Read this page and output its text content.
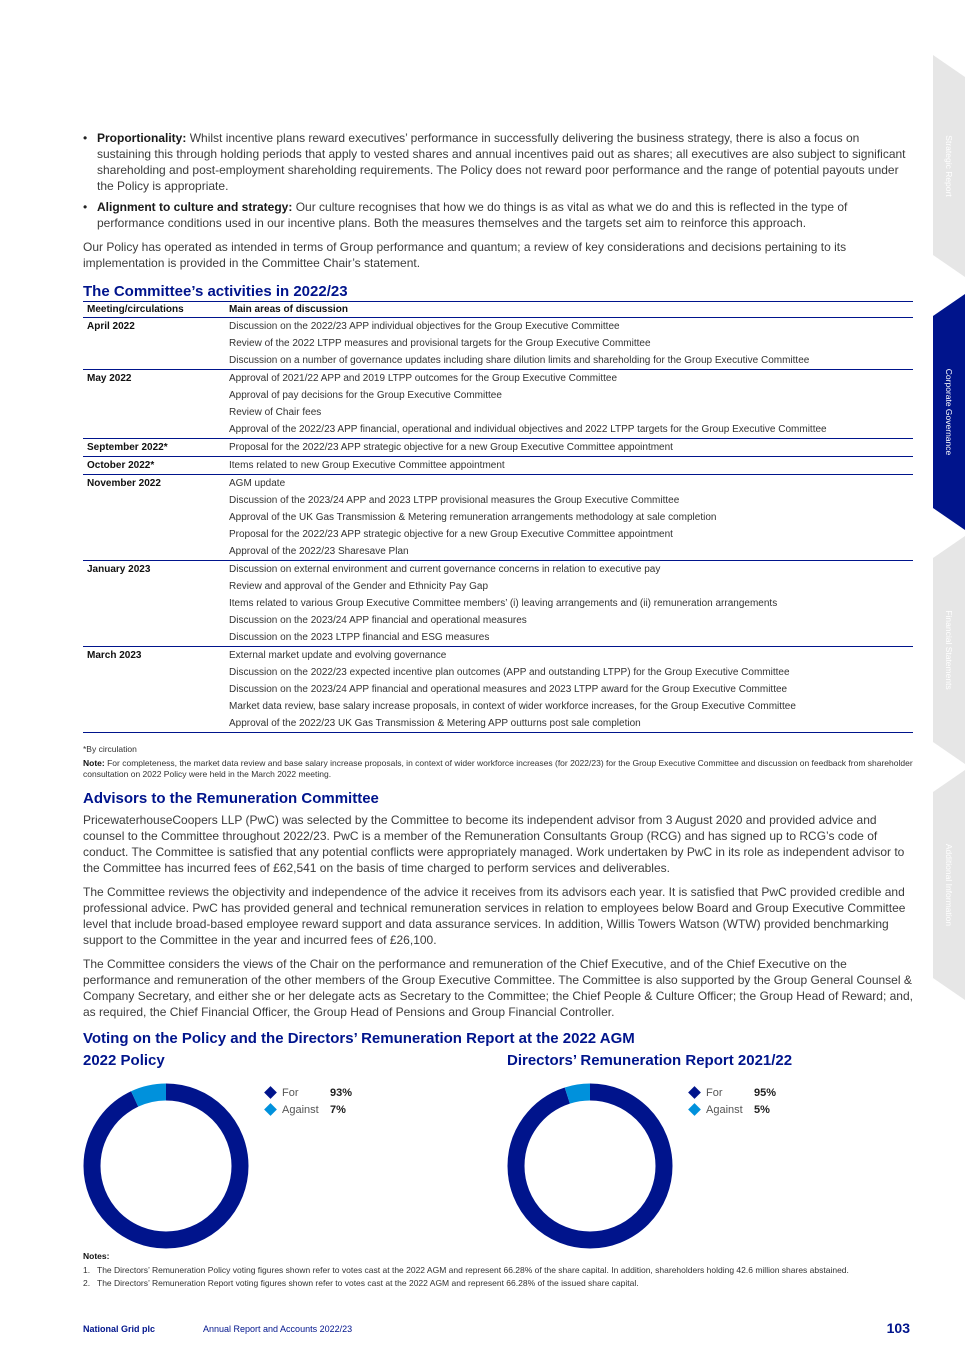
Strategic Report
Corporate Governance
Financial Statements
Additional Information
• Proportionality: Whilst incentive plans reward executives’ performance in successfully delivering the business strategy, there is also a focus on sustaining this through holding periods that apply to vested shares and annual incentives paid out as shares; all executives are also subject to significant shareholding and post-employment shareholding requirements. The Policy does not reward poor performance and the range of potential payouts under the Policy is appropriate.
• Alignment to culture and strategy: Our culture recognises that how we do things is as vital as what we do and this is reflected in the type of performance conditions used in our incentive plans. Both the measures themselves and the targets set aim to reinforce this approach.

Our Policy has operated as intended in terms of Group performance and quantum; a review of key considerations and decisions pertaining to its implementation is provided in the Committee Chair’s statement.

The Committee’s activities in 2022/23
Meeting/circulations	Main areas of discussion
April 2022	Discussion on the 2022/23 APP individual objectives for the Group Executive Committee
Review of the 2022 LTPP measures and provisional targets for the Group Executive Committee
Discussion on a number of governance updates including share dilution limits and shareholding for the Group Executive Committee

May 2022	Approval of 2021/22 APP and 2019 LTPP outcomes for the Group Executive Committee
Approval of pay decisions for the Group Executive Committee
Review of Chair fees
Approval of the 2022/23 APP financial, operational and individual objectives and 2022 LTPP targets for the Group Executive Committee

September 2022*	Proposal for the 2022/23 APP strategic objective for a new Group Executive Committee appointment

October 2022*	Items related to new Group Executive Committee appointment

November 2022	AGM update
Discussion of the 2023/24 APP and 2023 LTPP provisional measures the Group Executive Committee
Approval of the UK Gas Transmission & Metering remuneration arrangements methodology at sale completion
Proposal for the 2022/23 APP strategic objective for a new Group Executive Committee appointment
Approval of the 2022/23 Sharesave Plan

January 2023	Discussion on external environment and current governance concerns in relation to executive pay
Review and approval of the Gender and Ethnicity Pay Gap
Items related to various Group Executive Committee members’ (i) leaving arrangements and (ii) remuneration arrangements
Discussion on the 2023/24 APP financial and operational measures
Discussion on the 2023 LTPP financial and ESG measures

March 2023	External market update and evolving governance
Discussion on the 2022/23 expected incentive plan outcomes (APP and outstanding LTPP) for the Group Executive Committee
Discussion on the 2023/24 APP financial and operational measures and 2023 LTPP award for the Group Executive Committee
Market data review, base salary increase proposals, in context of wider workforce increases, for the Group Executive Committee
Approval of the 2022/23 UK Gas Transmission & Metering APP outturns post sale completion
*By circulation
Note: For completeness, the market data review and base salary increase proposals, in context of wider workforce increases (for 2022/23) for the Group Executive Committee and discussion on feedback from shareholder consultation on 2022 Policy were held in the March 2022 meeting.
Advisors to the Remuneration Committee

PricewaterhouseCoopers LLP (PwC) was selected by the Committee to become its independent advisor from 3 August 2020 and provided advice and counsel to the Committee throughout 2022/23. PwC is a member of the Remuneration Consultants Group (RCG) and has signed up to RCG’s code of conduct. The Committee is satisfied that any potential conflicts were appropriately managed. Work undertaken by PwC in its role as independent advisor to the Committee has incurred fees of £62,541 on the basis of time charged to perform services and deliverables.

The Committee reviews the objectivity and independence of the advice it receives from its advisors each year. It is satisfied that PwC provided credible and professional advice. PwC has provided general and technical remuneration services in relation to employees below Board and Group Executive Committee level that include broad-based employee reward support and data assurance services. In addition, Willis Towers Watson (WTW) provided benchmarking support to the Committee in the year and incurred fees of £26,100.

The Committee considers the views of the Chair on the performance and remuneration of the Chief Executive, and of the Chief Executive on the performance and remuneration of the other members of the Group Executive Committee. The Committee is also supported by the Group General Counsel & Company Secretary, and either she or her delegate acts as Secretary to the Committee; the Chief People & Culture Officer; the Group Head of Reward; and, as required, the Chief Financial Officer, the Group Head of Pensions and Group Financial Controller.

Voting on the Policy and the Directors’ Remuneration Report at the 2022 AGM
2022 Policy
For	93%
Against	7%
Directors’ Remuneration Report 2021/22
For	95%
Against	5%
Notes:
1. The Directors’ Remuneration Policy voting figures shown refer to votes cast at the 2022 AGM and represent 66.28% of the share capital. In addition, shareholders holding 42.6 million shares abstained.
2. The Directors’ Remuneration Report voting figures shown refer to votes cast at the 2022 AGM and represent 66.28% of the issued share capital.
National Grid plc	Annual Report and Accounts 2022/23	103
